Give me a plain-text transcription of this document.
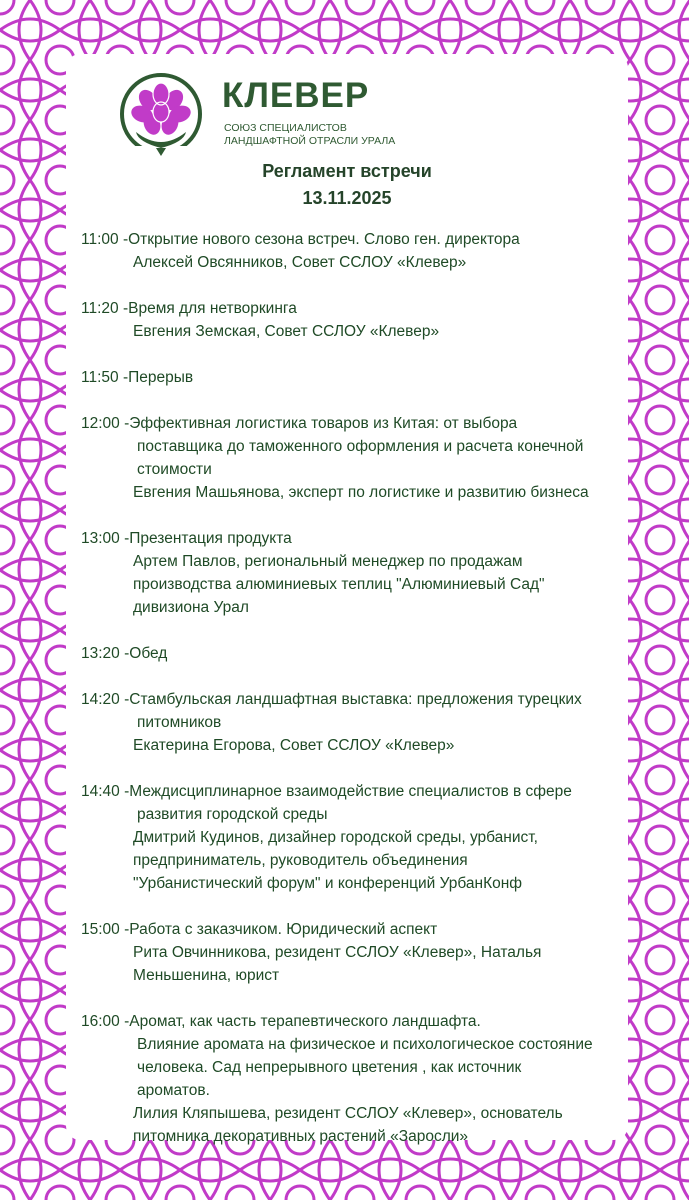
КЛЕВЕР
СОЮЗ СПЕЦИАЛИСТОВ
ЛАНДШАФТНОЙ ОТРАСЛИ УРАЛА
Регламент встречи
13.11.2025
11:00 - Открытие нового сезона встреч. Слово ген. директора
Алексей Овсянников, Совет ССЛОУ «Клевер»
11:20 - Время для нетворкинга
Евгения Земская, Совет ССЛОУ «Клевер»
11:50 - Перерыв
12:00 - Эффективная логистика товаров из Китая: от выбора
поставщика до таможенного оформления и расчета конечной
стоимости
Евгения Машьянова, эксперт по логистике и развитию бизнеса
13:00 - Презентация продукта
Артем Павлов, региональный менеджер по продажам
производства алюминиевых теплиц "Алюминиевый Сад"
дивизиона Урал
13:20 - Обед
14:20 - Стамбульская ландшафтная выставка: предложения турецких
питомников
Екатерина Егорова, Совет ССЛОУ «Клевер»
14:40 - Междисциплинарное взаимодействие специалистов в сфере
развития городской среды
Дмитрий Кудинов, дизайнер городской среды, урбанист,
предприниматель, руководитель объединения
"Урбанистический форум" и конференций УрбанКонф
15:00 - Работа с заказчиком. Юридический аспект
Рита Овчинникова, резидент ССЛОУ «Клевер», Наталья
Меньшенина, юрист
16:00 - Аромат, как часть терапевтического ландшафта.
Влияние аромата на физическое и психологическое состояние
человека. Сад непрерывного цветения , как источник
ароматов.
Лилия Кляпышева, резидент ССЛОУ «Клевер», основатель
питомника декоративных растений «Заросли»
